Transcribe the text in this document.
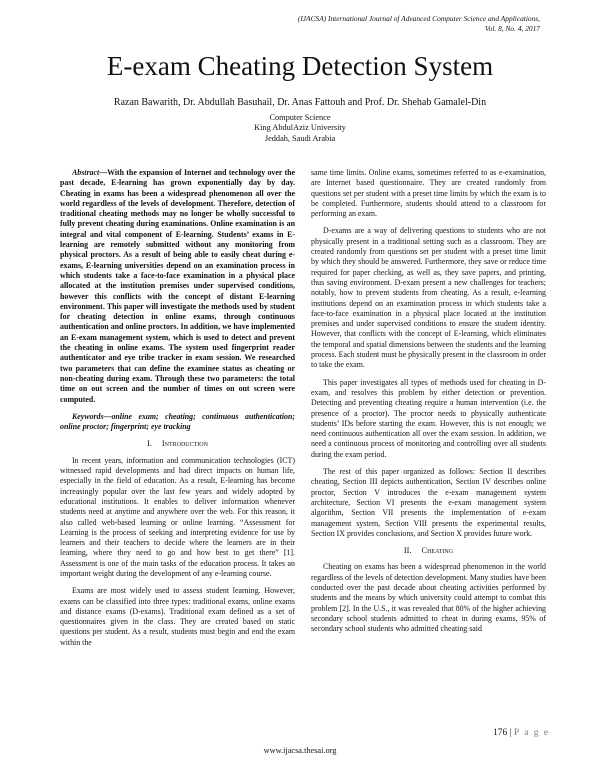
(IJACSA) International Journal of Advanced Computer Science and Applications,
Vol. 8, No. 4, 2017
E-exam Cheating Detection System
Razan Bawarith, Dr. Abdullah Basuhail, Dr. Anas Fattouh and Prof. Dr. Shehab Gamalel-Din
Computer Science
King AbdulAziz University
Jeddah, Saudi Arabia

Abstract—With the expansion of Internet and technology over the past decade, E-learning has grown exponentially day by day. Cheating in exams has been a widespread phenomenon all over the world regardless of the levels of development. Therefore, detection of traditional cheating methods may no longer be wholly successful to fully prevent cheating during examinations. Online examination is an integral and vital component of E-learning. Students’ exams in E-learning are remotely submitted without any monitoring from physical proctors. As a result of being able to easily cheat during e-exams, E-learning universities depend on an examination process in which students take a face-to-face examination in a physical place allocated at the institution premises under supervised conditions, however this conflicts with the concept of distant E-learning environment. This paper will investigate the methods used by student for cheating detection in online exams, through continuous authentication and online proctors. In addition, we have implemented an E-exam management system, which is used to detect and prevent the cheating in online exams. The system used fingerprint reader authenticator and eye tribe tracker in exam session. We researched two parameters that can define the examinee status as cheating or non-cheating during exam. Through these two parameters: the total time on out screen and the number of times on out screen were computed.

Keywords—online exam; cheating; continuous authentication; online proctor; fingerprint; eye tracking

I. Introduction

In recent years, information and communication technologies (ICT) witnessed rapid developments and had direct impacts on human life, especially in the field of education. As a result, E-learning has become increasingly popular over the last few years and widely adopted by educational institutions. It enables to deliver information whenever students need at anytime and anywhere over the web. For this reason, it also called web-based learning or online learning. “Assessment for Learning is the process of seeking and interpreting evidence for use by learners and their teachers to decide where the learners are in their learning, where they need to go and how best to get there” [1]. Assessment is one of the main tasks of the education process. It takes an important weight during the development of any e-learning course.

Exams are most widely used to assess student learning. However, exams can be classified into three types: traditional exams, online exams and distance exams (D-exams). Traditional exam defined as a set of questionnaires given in the class. They are created based on static questions per student. As a result, students must begin and end the exam within the

same time limits. Online exams, sometimes referred to as e-examination, are Internet based questionnaire. They are created randomly from questions set per student with a preset time limits by which the exam is to be completed. Furthermore, students should attend to a classroom for performing an exam.

D-exams are a way of delivering questions to students who are not physically present in a traditional setting such as a classroom. They are created randomly from questions set per student with a preset time limit by which they should be answered. Furthermore, they save or reduce time required for paper checking, as well as, they save papers, and printing, thus saving environment. D-exam present a new challenges for teachers; notably, how to prevent students from cheating. As a result, e-learning institutions depend on an examination process in which students take a face-to-face examination in a physical place located at the institution premises and under supervised conditions to ensure the student identity. However, that conflicts with the concept of E-learning, which eliminates the temporal and spatial dimensions between the students and the learning process. Each student must be physically present in the classroom in order to take the exam.

This paper investigates all types of methods used for cheating in D-exam, and resolves this problem by either detection or prevention. Detecting and preventing cheating require a human intervention (i.e. the presence of a proctor). The proctor needs to physically authenticate students’ IDs before starting the exam. However, this is not enough; we need continuous authentication all over the exam session. In addition, we need a continuous process of monitoring and controlling over all students during the exam period.

The rest of this paper organized as follows: Section II describes cheating, Section III depicts authentication, Section IV describes online proctor, Section V introduces the e-exam management system architecture, Section VI presents the e-exam management system algorithm, Section VII presents the implementation of e-exam management system, Section VIII presents the experimental results, Section IX provides conclusions, and Section X provides future work.

II. Cheating

Cheating on exams has been a widespread phenomenon in the world regardless of the levels of detection development. Many studies have been conducted over the past decade about cheating activities performed by students and the means by which university could attempt to combat this problem [2]. In the U.S., it was revealed that 80% of the higher achieving secondary school students admitted to cheat in during exams, 95% of secondary school students who admitted cheating said

176 | P a g e
www.ijacsa.thesai.org
